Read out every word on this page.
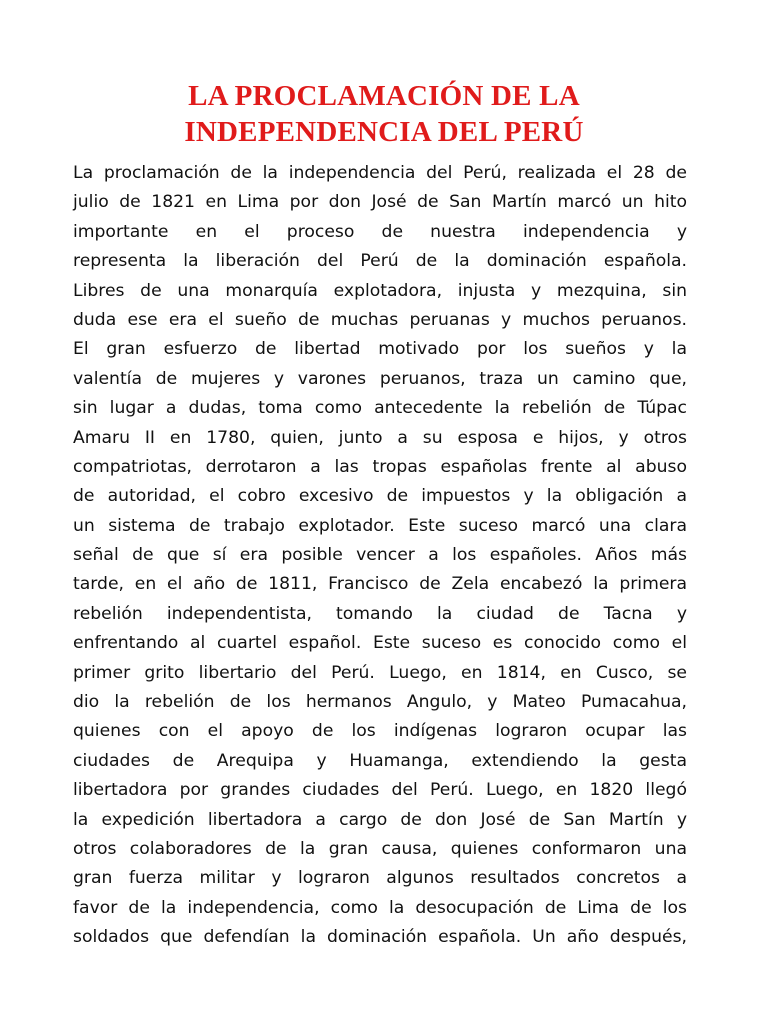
LA PROCLAMACIÓN DE LA
INDEPENDENCIA DEL PERÚ
La proclamación de la independencia del Perú, realizada el 28 de
julio de 1821 en Lima por don José de San Martín marcó un hito
importante en el proceso de nuestra independencia y
representa la liberación del Perú de la dominación española.
Libres de una monarquía explotadora, injusta y mezquina, sin
duda ese era el sueño de muchas peruanas y muchos peruanos.
El gran esfuerzo de libertad motivado por los sueños y la
valentía de mujeres y varones peruanos, traza un camino que,
sin lugar a dudas, toma como antecedente la rebelión de Túpac
Amaru II en 1780, quien, junto a su esposa e hijos, y otros
compatriotas, derrotaron a las tropas españolas frente al abuso
de autoridad, el cobro excesivo de impuestos y la obligación a
un sistema de trabajo explotador. Este suceso marcó una clara
señal de que sí era posible vencer a los españoles. Años más
tarde, en el año de 1811, Francisco de Zela encabezó la primera
rebelión independentista, tomando la ciudad de Tacna y
enfrentando al cuartel español. Este suceso es conocido como el
primer grito libertario del Perú. Luego, en 1814, en Cusco, se
dio la rebelión de los hermanos Angulo, y Mateo Pumacahua,
quienes con el apoyo de los indígenas lograron ocupar las
ciudades de Arequipa y Huamanga, extendiendo la gesta
libertadora por grandes ciudades del Perú. Luego, en 1820 llegó
la expedición libertadora a cargo de don José de San Martín y
otros colaboradores de la gran causa, quienes conformaron una
gran fuerza militar y lograron algunos resultados concretos a
favor de la independencia, como la desocupación de Lima de los
soldados que defendían la dominación española. Un año después,
